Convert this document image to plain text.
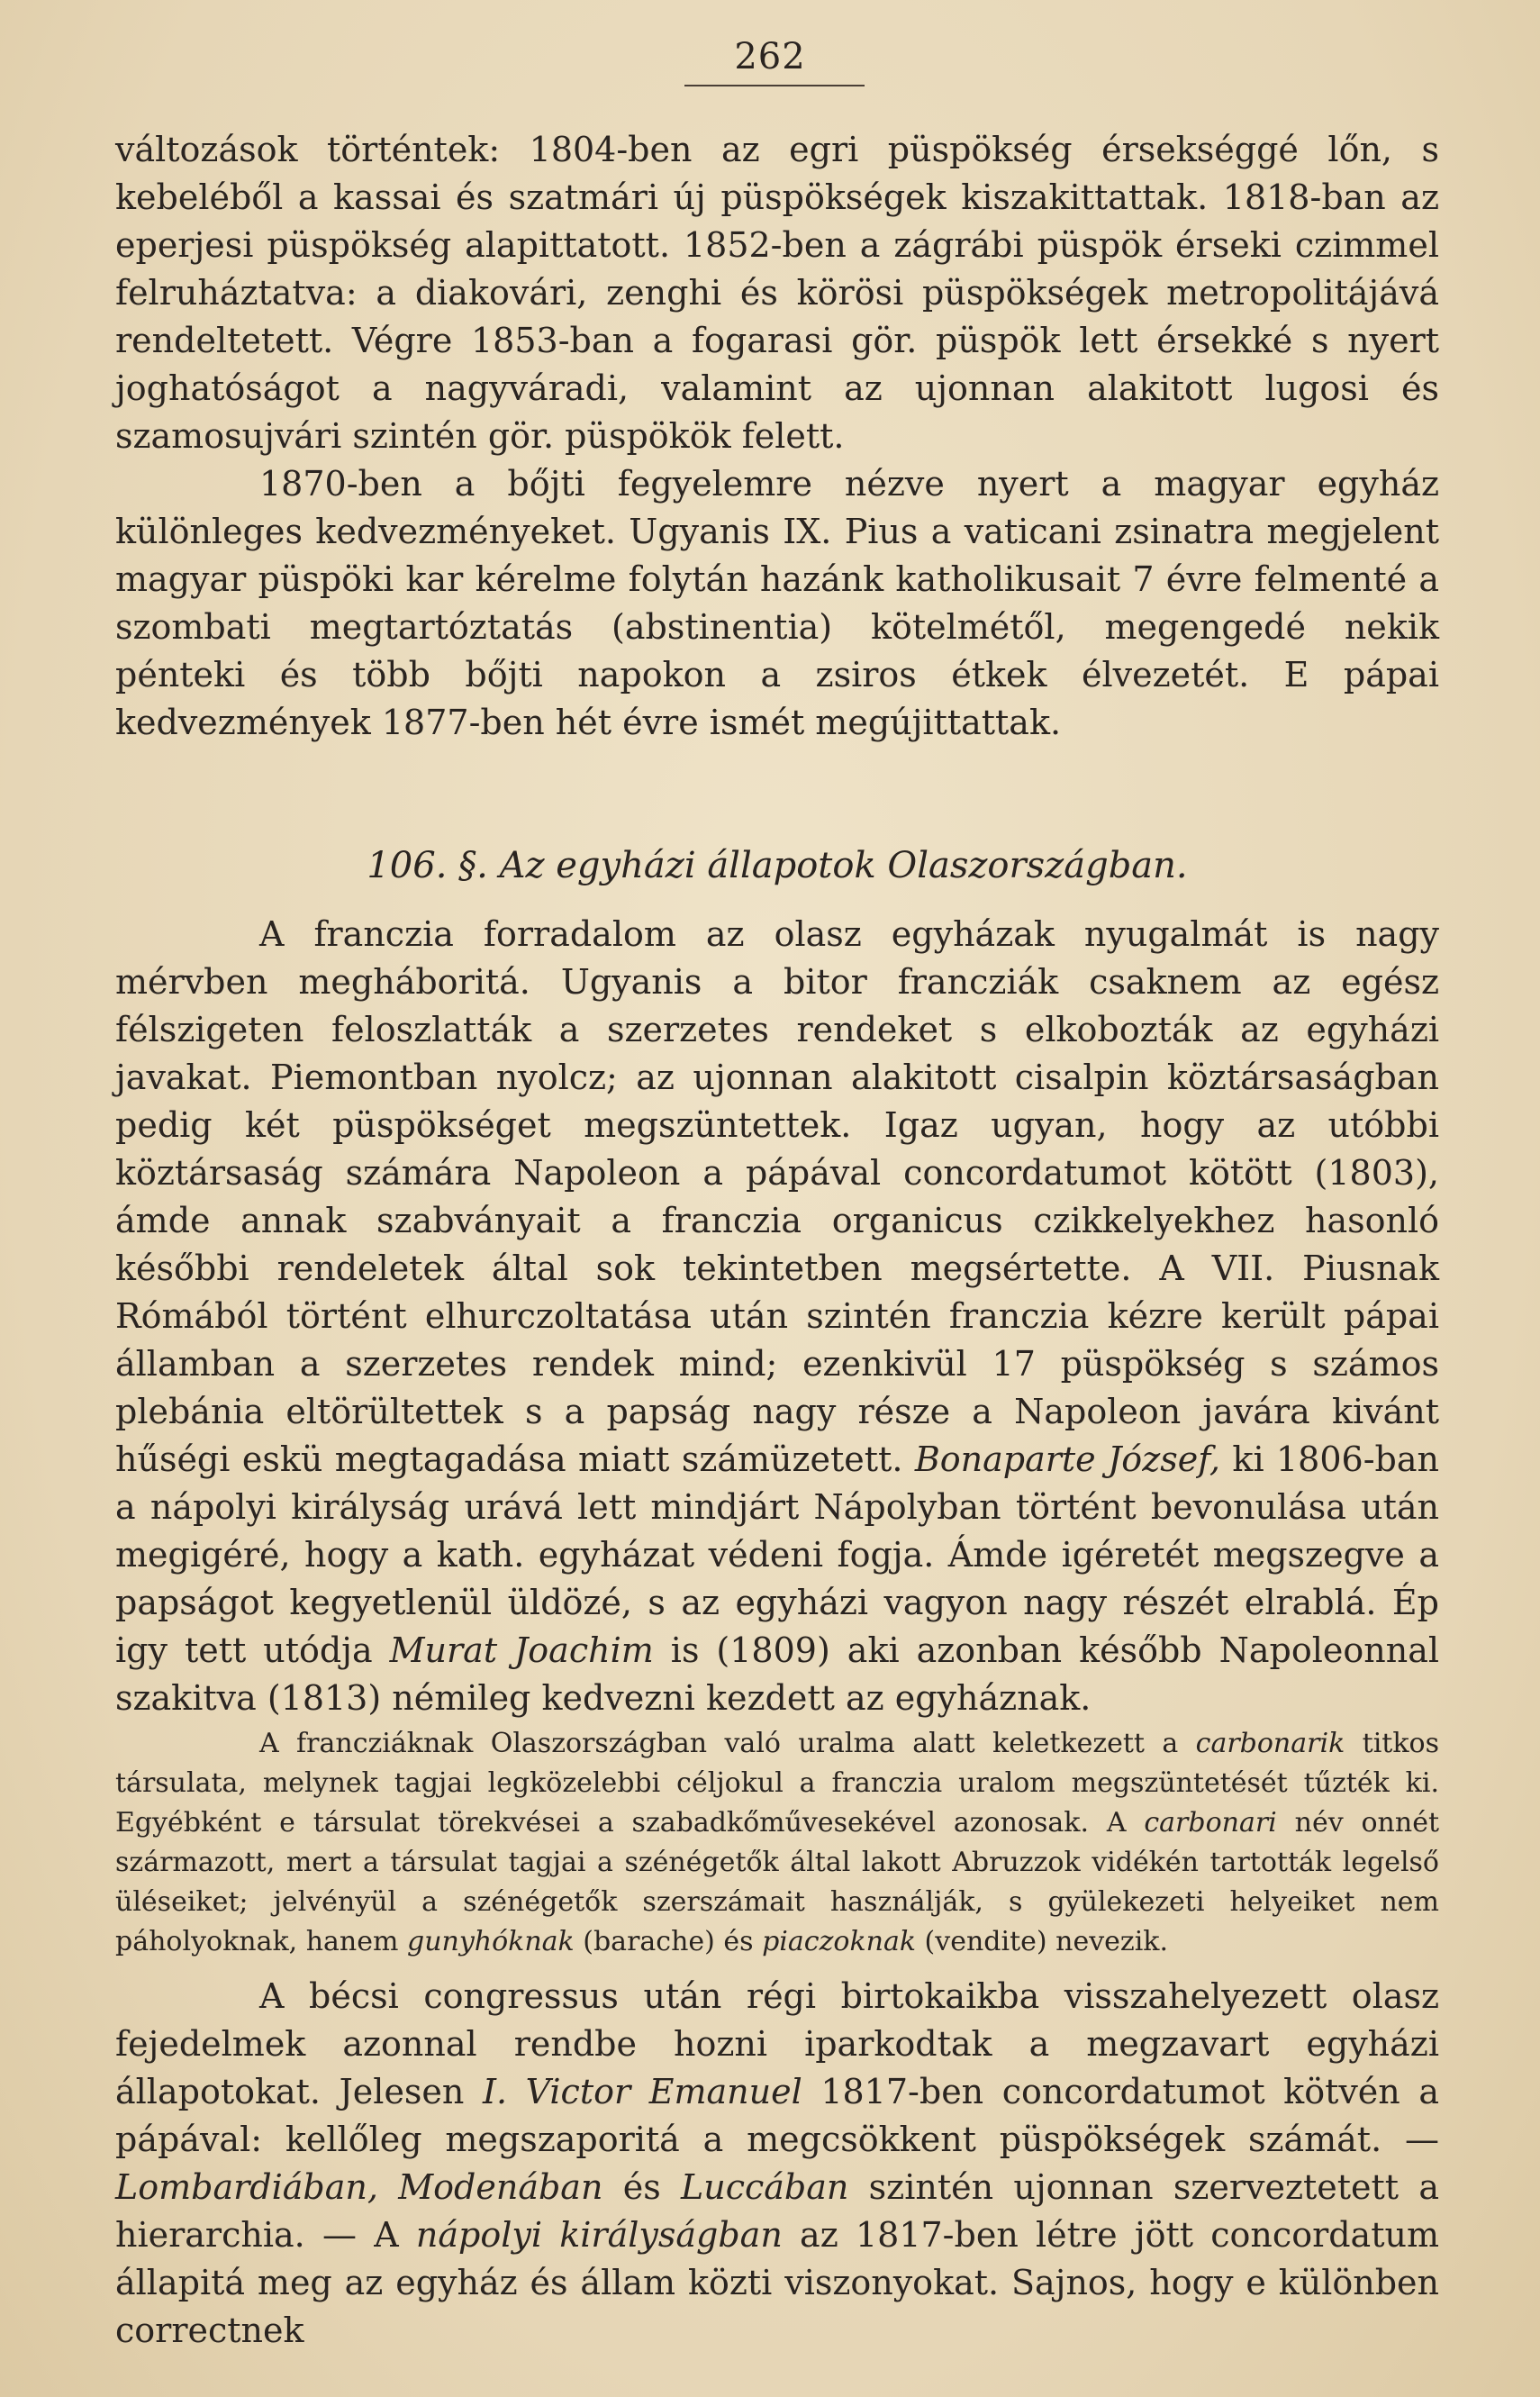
262

változások történtek: 1804-ben az egri püspökség érsekséggé lőn, s kebeléből a kassai és szatmári új püspökségek kiszakittattak. 1818-ban az eperjesi püspökség alapittatott. 1852-ben a zágrábi püspök érseki czimmel felruháztatva: a diakovári, zenghi és körösi püspökségek metropolitájává rendeltetett. Végre 1853-ban a fogarasi gör. püspök lett érsekké s nyert joghatóságot a nagyváradi, valamint az ujonnan alakitott lugosi és szamosujvári szintén gör. püspökök felett.

1870-ben a bőjti fegyelemre nézve nyert a magyar egyház különleges kedvezményeket. Ugyanis IX. Pius a vaticani zsinatra megjelent magyar püspöki kar kérelme folytán hazánk katholikusait 7 évre felmenté a szombati megtartóztatás (abstinentia) kötelmétől, megengedé nekik pénteki és több bőjti napokon a zsiros étkek élvezetét. E pápai kedvezmények 1877-ben hét évre ismét megújittattak.

106. §. Az egyházi állapotok Olaszországban.

A franczia forradalom az olasz egyházak nyugalmát is nagy mérvben megháboritá. Ugyanis a bitor francziák csaknem az egész félszigeten feloszlatták a szerzetes rendeket s elkobozták az egyházi javakat. Piemontban nyolcz; az ujonnan alakitott cisalpin köztársaságban pedig két püspökséget megszüntettek. Igaz ugyan, hogy az utóbbi köztársaság számára Napoleon a pápával concordatumot kötött (1803), ámde annak szabványait a franczia organicus czikkelyekhez hasonló későbbi rendeletek által sok tekintetben megsértette. A VII. Piusnak Rómából történt elhurczoltatása után szintén franczia kézre került pápai államban a szerzetes rendek mind; ezenkivül 17 püspökség s számos plebánia eltörültettek s a papság nagy része a Napoleon javára kivánt hűségi eskü megtagadása miatt számüzetett. Bonaparte József, ki 1806-ban a nápolyi királyság urává lett mindjárt Nápolyban történt bevonulása után megigéré, hogy a kath. egyházat védeni fogja. Ámde igéretét megszegve a papságot kegyetlenül üldözé, s az egyházi vagyon nagy részét elrablá. Ép igy tett utódja Murat Joachim is (1809) aki azonban később Napoleonnal szakitva (1813) némileg kedvezni kezdett az egyháznak.

A francziáknak Olaszországban való uralma alatt keletkezett a carbonarik titkos társulata, melynek tagjai legközelebbi céljokul a franczia uralom megszüntetését tűzték ki. Egyébként e társulat törekvései a szabadkőművesekével azonosak. A carbonari név onnét származott, mert a társulat tagjai a szénégetők által lakott Abruzzok vidékén tartották legelső üléseiket; jelvényül a szénégetők szerszámait használják, s gyülekezeti helyeiket nem páholyoknak, hanem gunyhóknak (barache) és piaczoknak (vendite) nevezik.

A bécsi congressus után régi birtokaikba visszahelyezett olasz fejedelmek azonnal rendbe hozni iparkodtak a megzavart egyházi állapotokat. Jelesen I. Victor Emanuel 1817-ben concordatumot kötvén a pápával: kellőleg megszaporitá a megcsökkent püspökségek számát. — Lombardiában, Modenában és Luccában szintén ujonnan szerveztetett a hierarchia. — A nápolyi királyságban az 1817-ben létre jött concordatum állapitá meg az egyház és állam közti viszonyokat. Sajnos, hogy e különben correctnek
